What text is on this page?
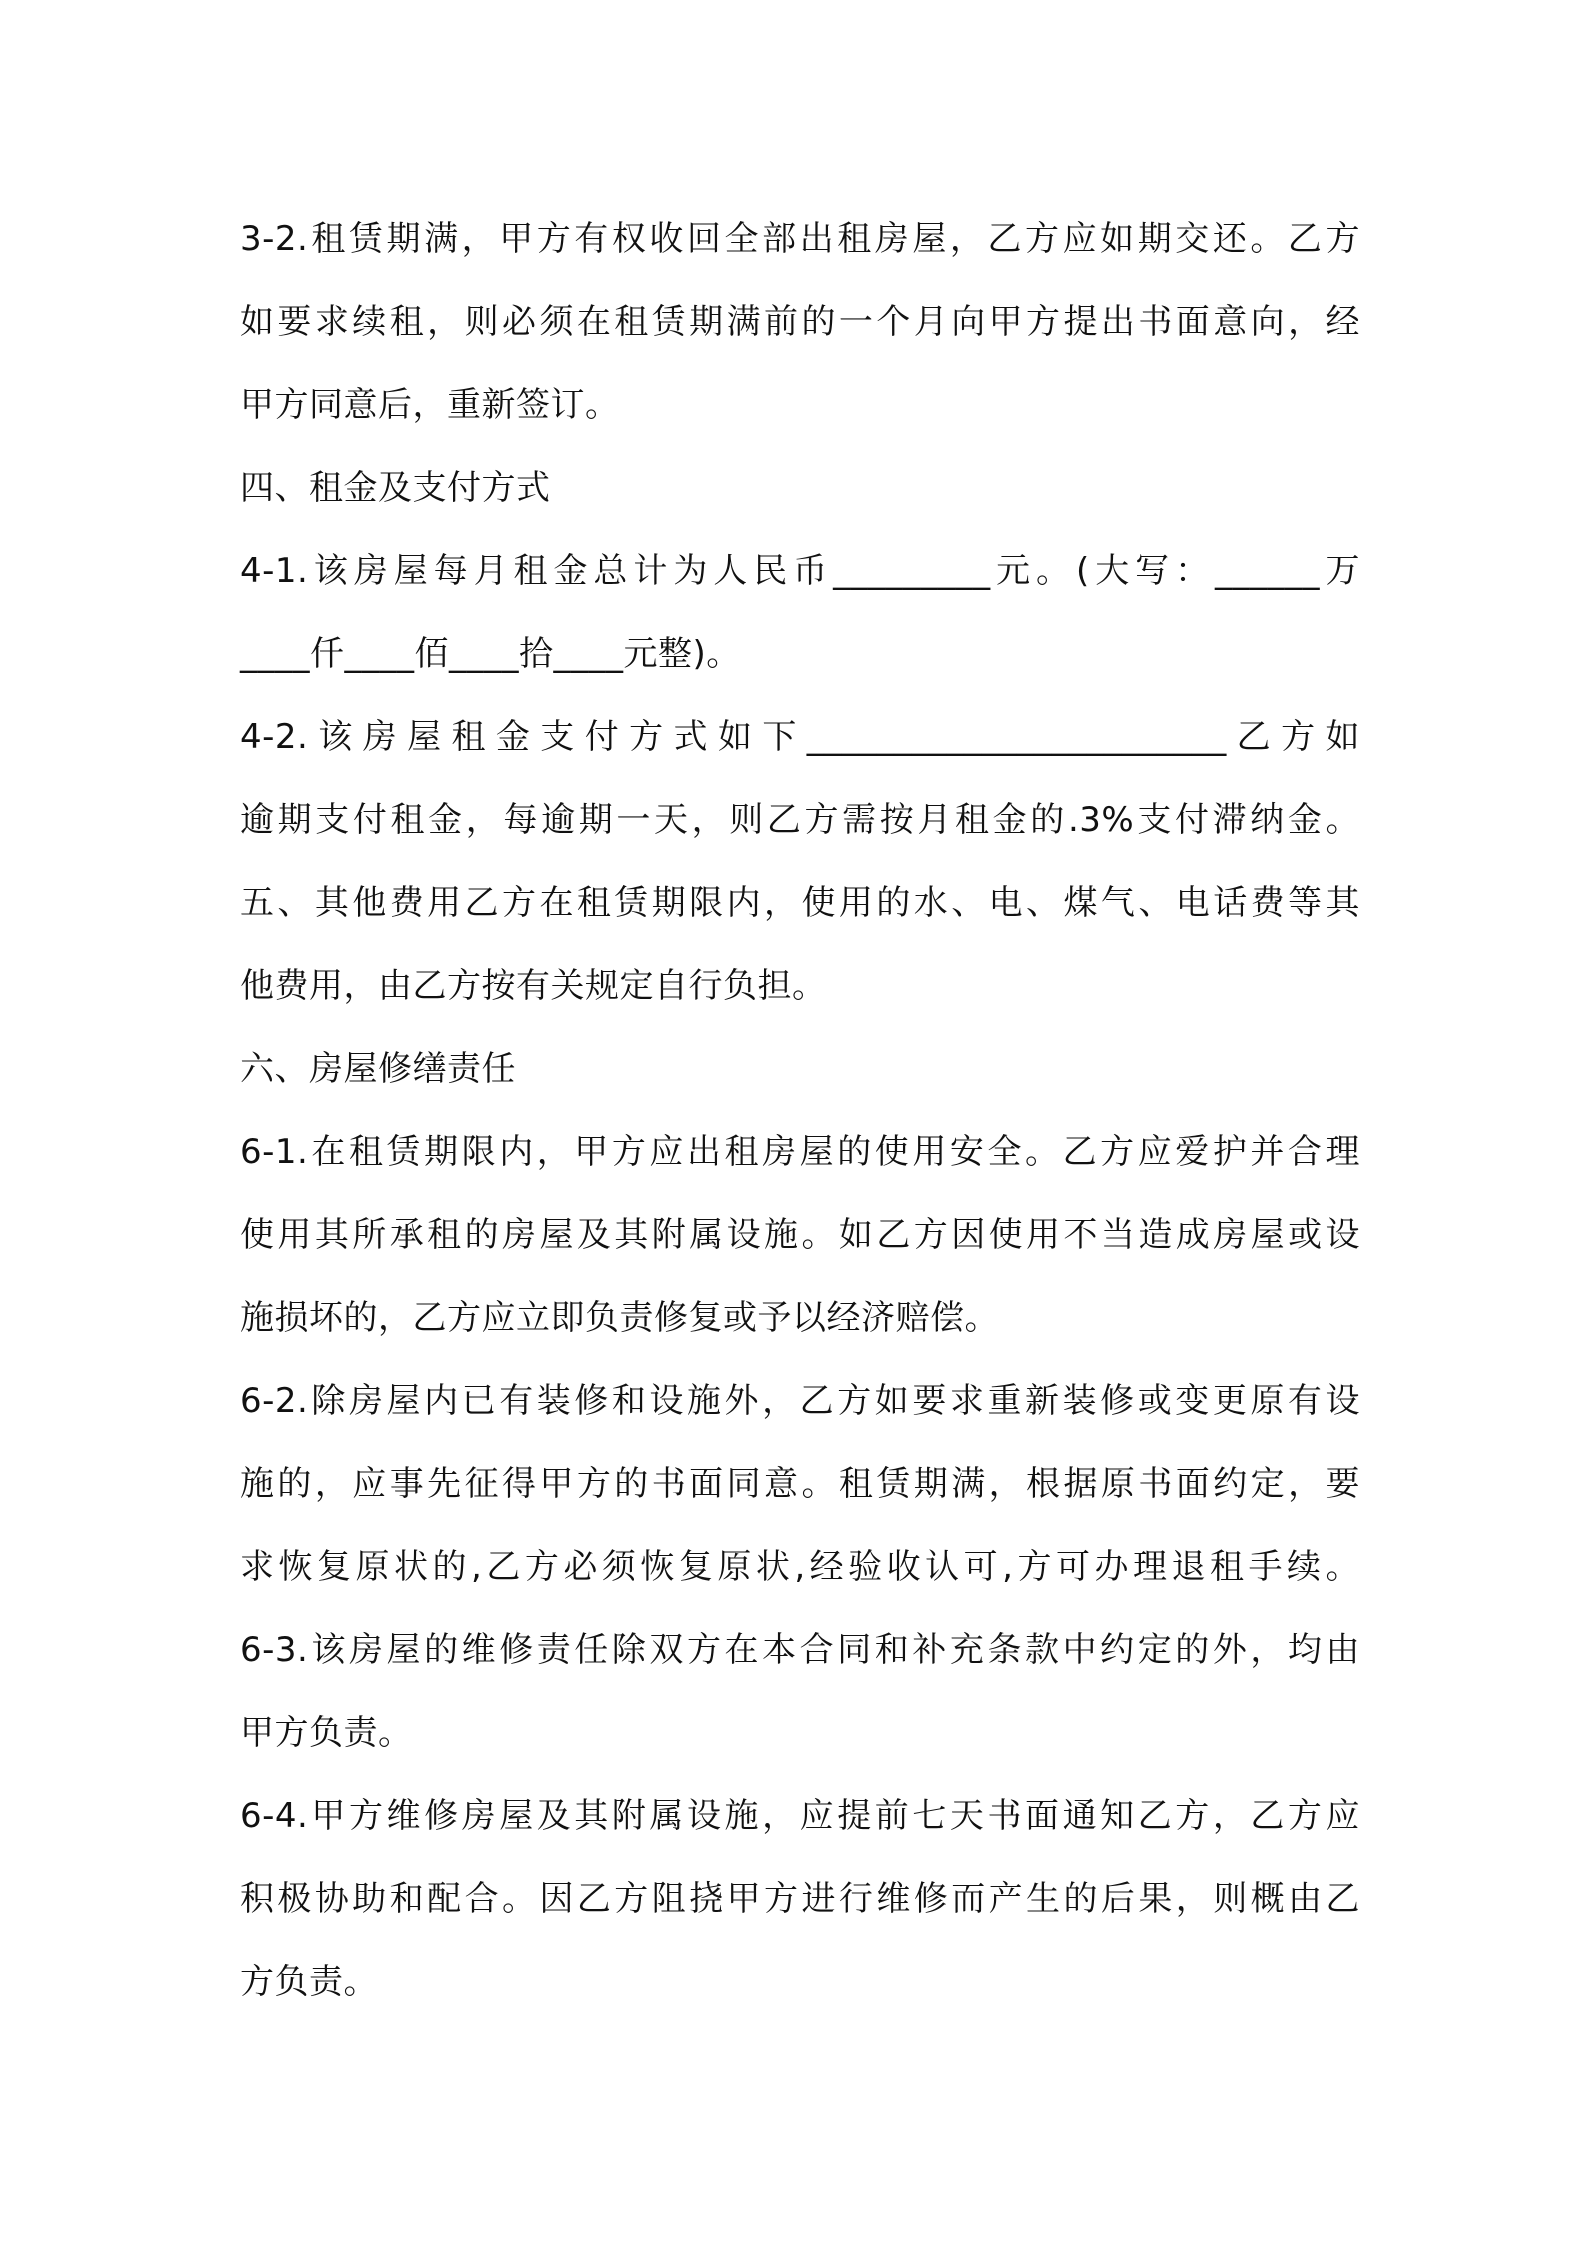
3-2.租赁期满，甲方有权收回全部出租房屋，乙方应如期交还。乙方
如要求续租，则必须在租赁期满前的一个月向甲方提出书面意向，经
甲方同意后，重新签订。
四、租金及支付方式
4-1.该房屋每月租金总计为人民币_________元。(大写：______万
____仟____佰____拾____元整)。
4-2.该房屋租金支付方式如下________________________乙方如
逾期支付租金，每逾期一天，则乙方需按月租金的.3%支付滞纳金。
五、其他费用乙方在租赁期限内，使用的水、电、煤气、电话费等其
他费用，由乙方按有关规定自行负担。
六、房屋修缮责任
6-1.在租赁期限内，甲方应出租房屋的使用安全。乙方应爱护并合理
使用其所承租的房屋及其附属设施。如乙方因使用不当造成房屋或设
施损坏的，乙方应立即负责修复或予以经济赔偿。
6-2.除房屋内已有装修和设施外，乙方如要求重新装修或变更原有设
施的，应事先征得甲方的书面同意。租赁期满，根据原书面约定，要
求恢复原状的,乙方必须恢复原状,经验收认可,方可办理退租手续。
6-3.该房屋的维修责任除双方在本合同和补充条款中约定的外，均由
甲方负责。
6-4.甲方维修房屋及其附属设施，应提前七天书面通知乙方，乙方应
积极协助和配合。因乙方阻挠甲方进行维修而产生的后果，则概由乙
方负责。
